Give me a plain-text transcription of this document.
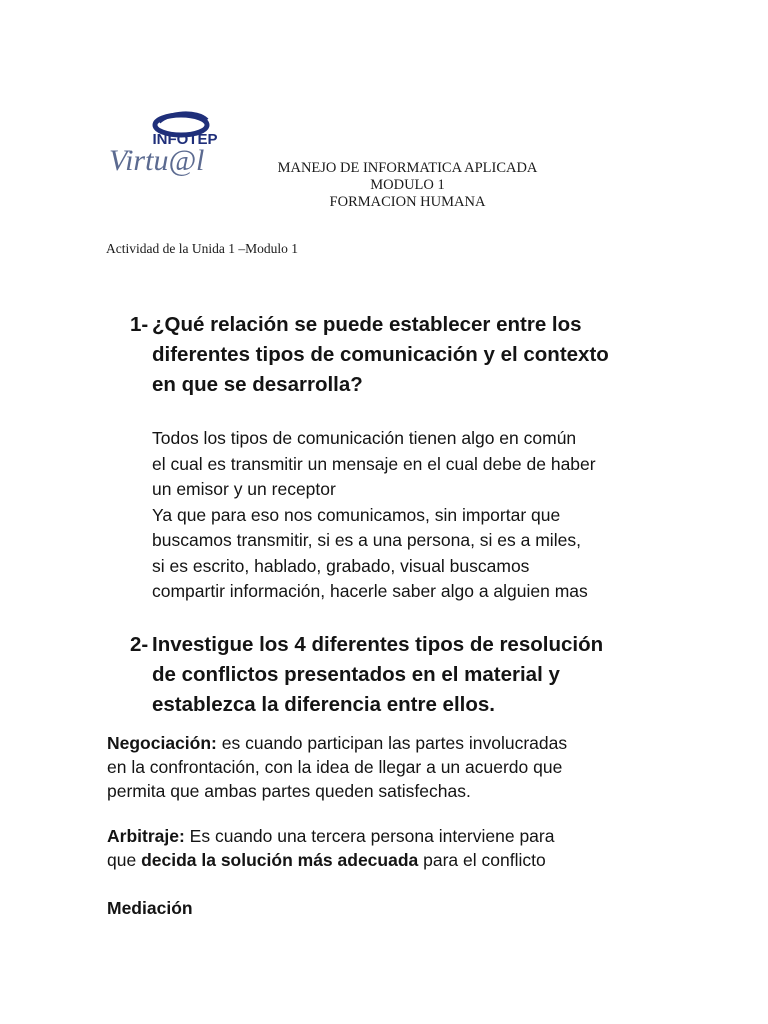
INFOTEP
Virtu@l	MANEJO DE INFORMATICA APLICADA
MODULO 1
FORMACION HUMANA
Actividad de la Unida 1 –Modulo 1
1- ¿Qué relación se puede establecer entre los
diferentes tipos de comunicación y el contexto
en que se desarrolla?
Todos los tipos de comunicación tienen algo en común
el cual es transmitir un mensaje en el cual debe de haber
un emisor y un receptor
Ya que para eso nos comunicamos, sin importar que
buscamos transmitir, si es a una persona, si es a miles,
si es escrito, hablado, grabado, visual buscamos
compartir información, hacerle saber algo a alguien mas
2- Investigue los 4 diferentes tipos de resolución
de conflictos presentados en el material y
establezca la diferencia entre ellos.
Negociación: es cuando participan las partes involucradas
en la confrontación, con la idea de llegar a un acuerdo que
permita que ambas partes queden satisfechas.
Arbitraje: Es cuando una tercera persona interviene para
que decida la solución más adecuada para el conflicto
Mediación
